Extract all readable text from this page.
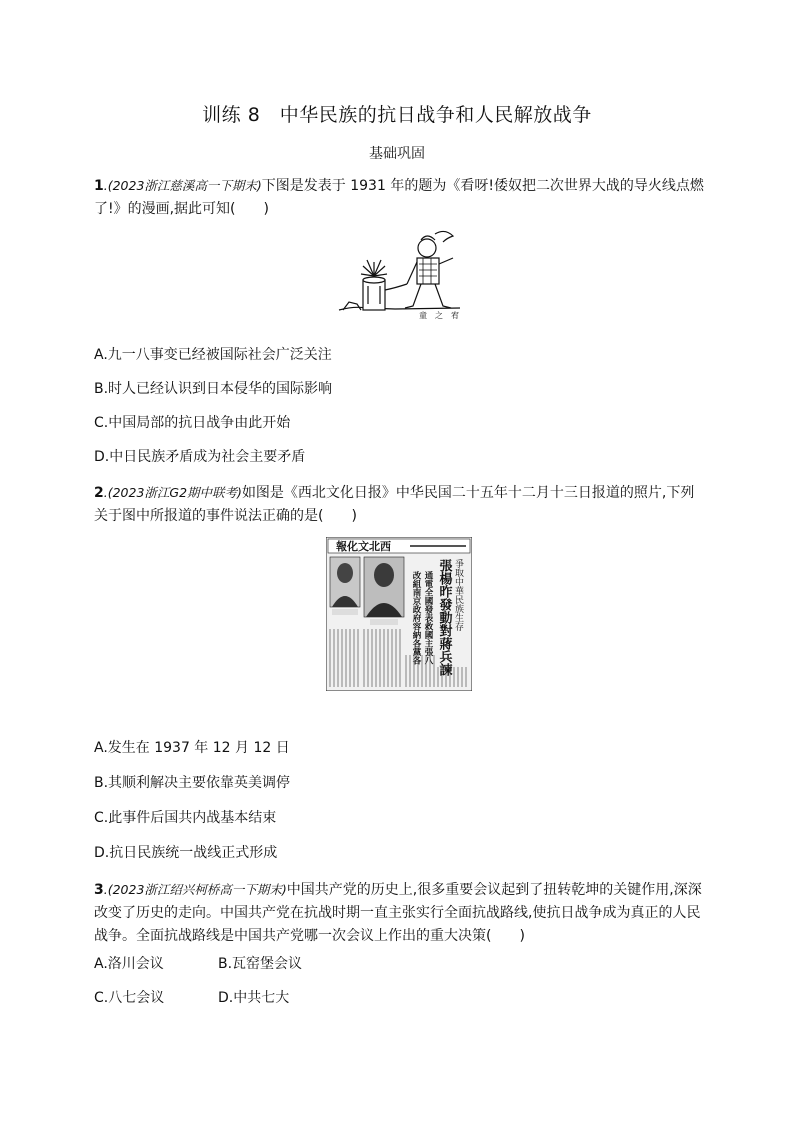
训练 8　中华民族的抗日战争和人民解放战争
基础巩固
1.(2023浙江慈溪高一下期末)下图是发表于 1931 年的题为《看呀!倭奴把二次世界大战的导火线点燃了!》的漫画,据此可知(　　)
童　之　宥
A.九一八事变已经被国际社会广泛关注
B.时人已经认识到日本侵华的国际影响
C.中国局部的抗日战争由此开始
D.中日民族矛盾成为社会主要矛盾
2.(2023浙江G2期中联考)如图是《西北文化日报》中华民国二十五年十二月十三日报道的照片,下列关于图中所报道的事件说法正确的是(　　)
報化文北西
爭取中華民族生存
張楊昨發動對蔣兵諫
通電全國發表救國主張八
改組南京政府容納各黨各
A.发生在 1937 年 12 月 12 日
B.其顺利解决主要依靠英美调停
C.此事件后国共内战基本结束
D.抗日民族统一战线正式形成
3.(2023浙江绍兴柯桥高一下期末)中国共产党的历史上,很多重要会议起到了扭转乾坤的关键作用,深深改变了历史的走向。中国共产党在抗战时期一直主张实行全面抗战路线,使抗日战争成为真正的人民战争。全面抗战路线是中国共产党哪一次会议上作出的重大决策(　　)
A.洛川会议	B.瓦窑堡会议
C.八七会议	D.中共七大
